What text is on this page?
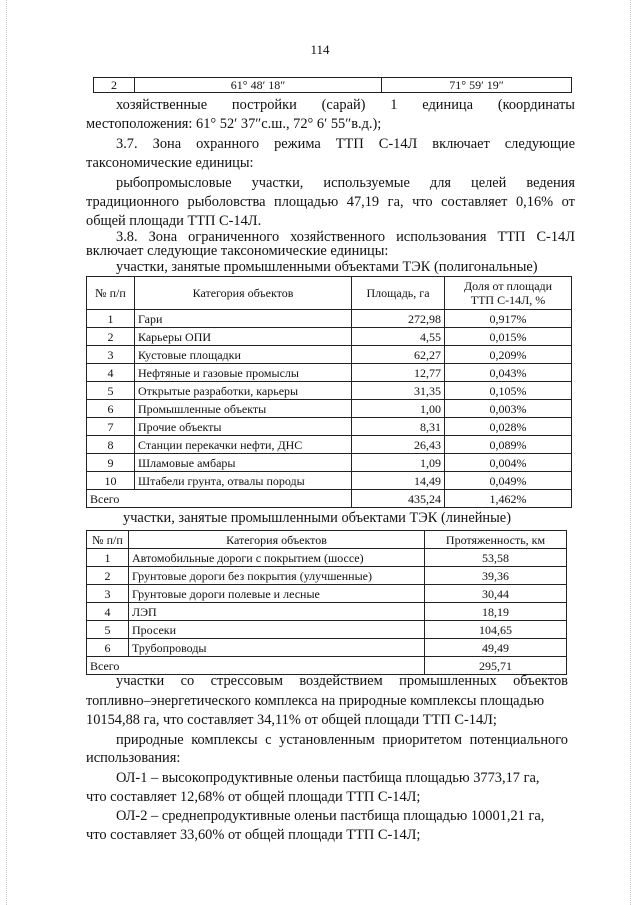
114
2	61° 48′ 18″	71° 59′ 19″
хозяйственные постройки (сарай) 1 единица (координаты
местоположения: 61° 52′ 37″с.ш., 72° 6′ 55″в.д.);
3.7. Зона охранного режима ТТП С-14Л включает следующие
таксономические единицы:
рыбопромысловые участки, используемые для целей ведения
традиционного рыболовства площадью 47,19 га, что составляет 0,16% от
общей площади ТТП С-14Л.
3.8. Зона ограниченного хозяйственного использования ТТП С-14Л
включает следующие таксономические единицы:
участки, занятые промышленными объектами ТЭК (полигональные)
№ п/п	Категория объектов	Площадь, га	Доля от площади
ТТП С-14Л, %

1	Гари	272,98	0,917%
2	Карьеры ОПИ	4,55	0,015%
3	Кустовые площадки	62,27	0,209%
4	Нефтяные и газовые промыслы	12,77	0,043%
5	Открытые разработки, карьеры	31,35	0,105%
6	Промышленные объекты	1,00	0,003%
7	Прочие объекты	8,31	0,028%
8	Станции перекачки нефти, ДНС	26,43	0,089%
9	Шламовые амбары	1,09	0,004%
10	Штабели грунта, отвалы породы	14,49	0,049%
Всего		435,24	1,462%
участки, занятые промышленными объектами ТЭК (линейные)
№ п/п	Категория объектов	Протяженность, км
1	Автомобильные дороги с покрытием (шоссе)	53,58
2	Грунтовые дороги без покрытия (улучшенные)	39,36
3	Грунтовые дороги полевые и лесные	30,44
4	ЛЭП	18,19
5	Просеки	104,65
6	Трубопроводы	49,49
Всего		295,71
участки со стрессовым воздействием промышленных объектов
топливно–энергетического комплекса на природные комплексы площадью
10154,88 га, что составляет 34,11% от общей площади ТТП С-14Л;
природные комплексы с установленным приоритетом потенциального
использования:
ОЛ-1 – высокопродуктивные оленьи пастбища площадью 3773,17 га,
что составляет 12,68% от общей площади ТТП С-14Л;
ОЛ-2 – среднепродуктивные оленьи пастбища площадью 10001,21 га,
что составляет 33,60% от общей площади ТТП С-14Л;
